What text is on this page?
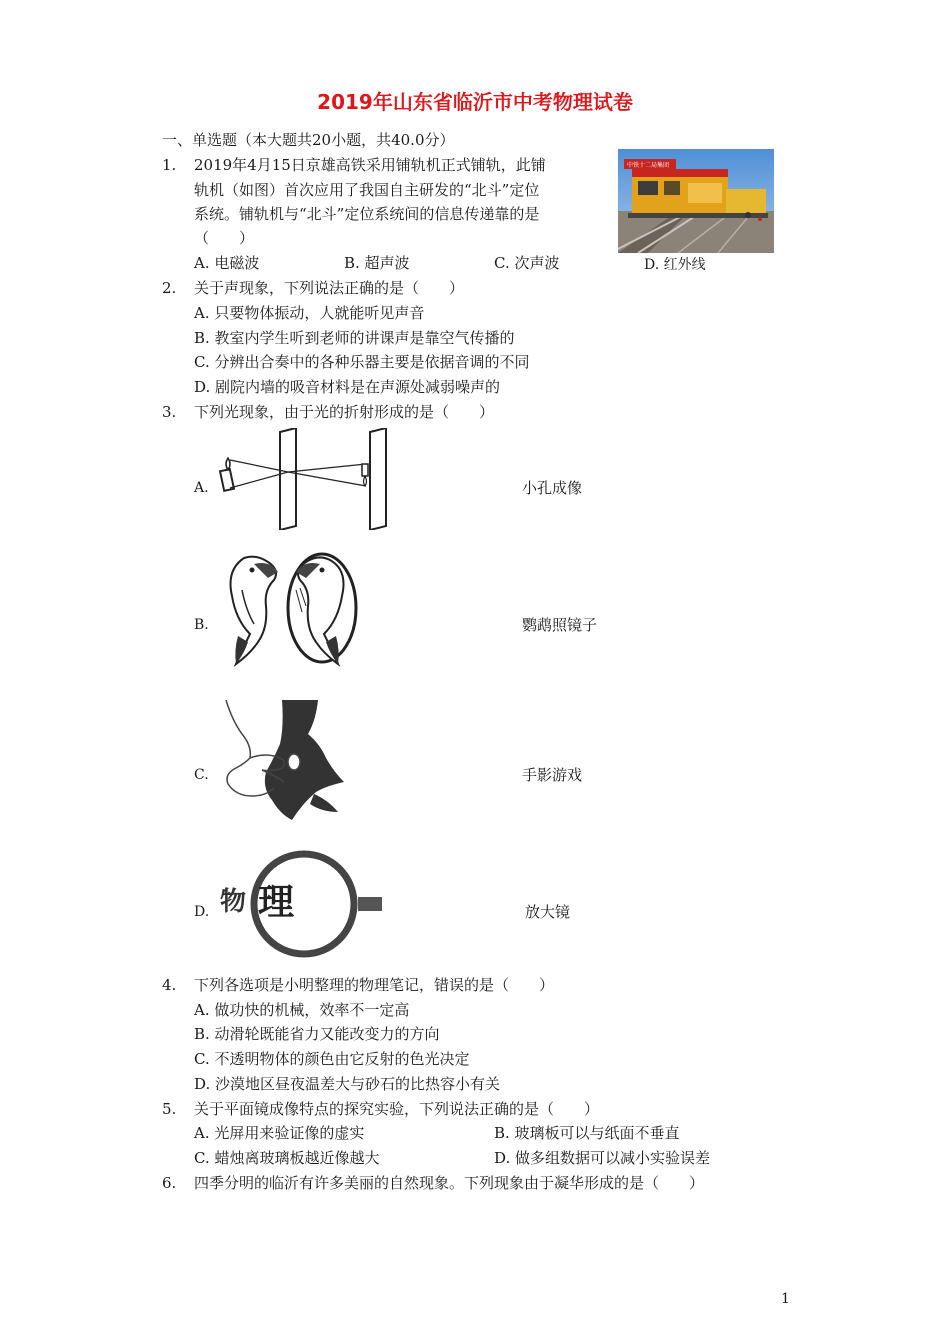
2019年山东省临沂市中考物理试卷
一、单选题（本大题共20小题，共40.0分）
1. 2019年4月15日京雄高铁采用铺轨机正式铺轨，此铺
轨机（如图）首次应用了我国自主研发的“北斗”定位
系统。铺轨机与“北斗”定位系统间的信息传递靠的是
（　　）
A. 电磁波	B. 超声波	C. 次声波	D. 红外线
中铁十二局集团
2. 关于声现象，下列说法正确的是（　　）
A. 只要物体振动，人就能听见声音
B. 教室内学生听到老师的讲课声是靠空气传播的
C. 分辨出合奏中的各种乐器主要是依据音调的不同
D. 剧院内墙的吸音材料是在声源处减弱噪声的
3. 下列光现象，由于光的折射形成的是（　　）
A.	小孔成像
B.	鹦鹉照镜子
C.	手影游戏
D. 物 理	放大镜
4. 下列各选项是小明整理的物理笔记，错误的是（　　）
A. 做功快的机械，效率不一定高
B. 动滑轮既能省力又能改变力的方向
C. 不透明物体的颜色由它反射的色光决定
D. 沙漠地区昼夜温差大与砂石的比热容小有关
5. 关于平面镜成像特点的探究实验，下列说法正确的是（　　）
A. 光屏用来验证像的虚实	B. 玻璃板可以与纸面不垂直
C. 蜡烛离玻璃板越近像越大	D. 做多组数据可以减小实验误差
6. 四季分明的临沂有许多美丽的自然现象。下列现象由于凝华形成的是（　　）
1
